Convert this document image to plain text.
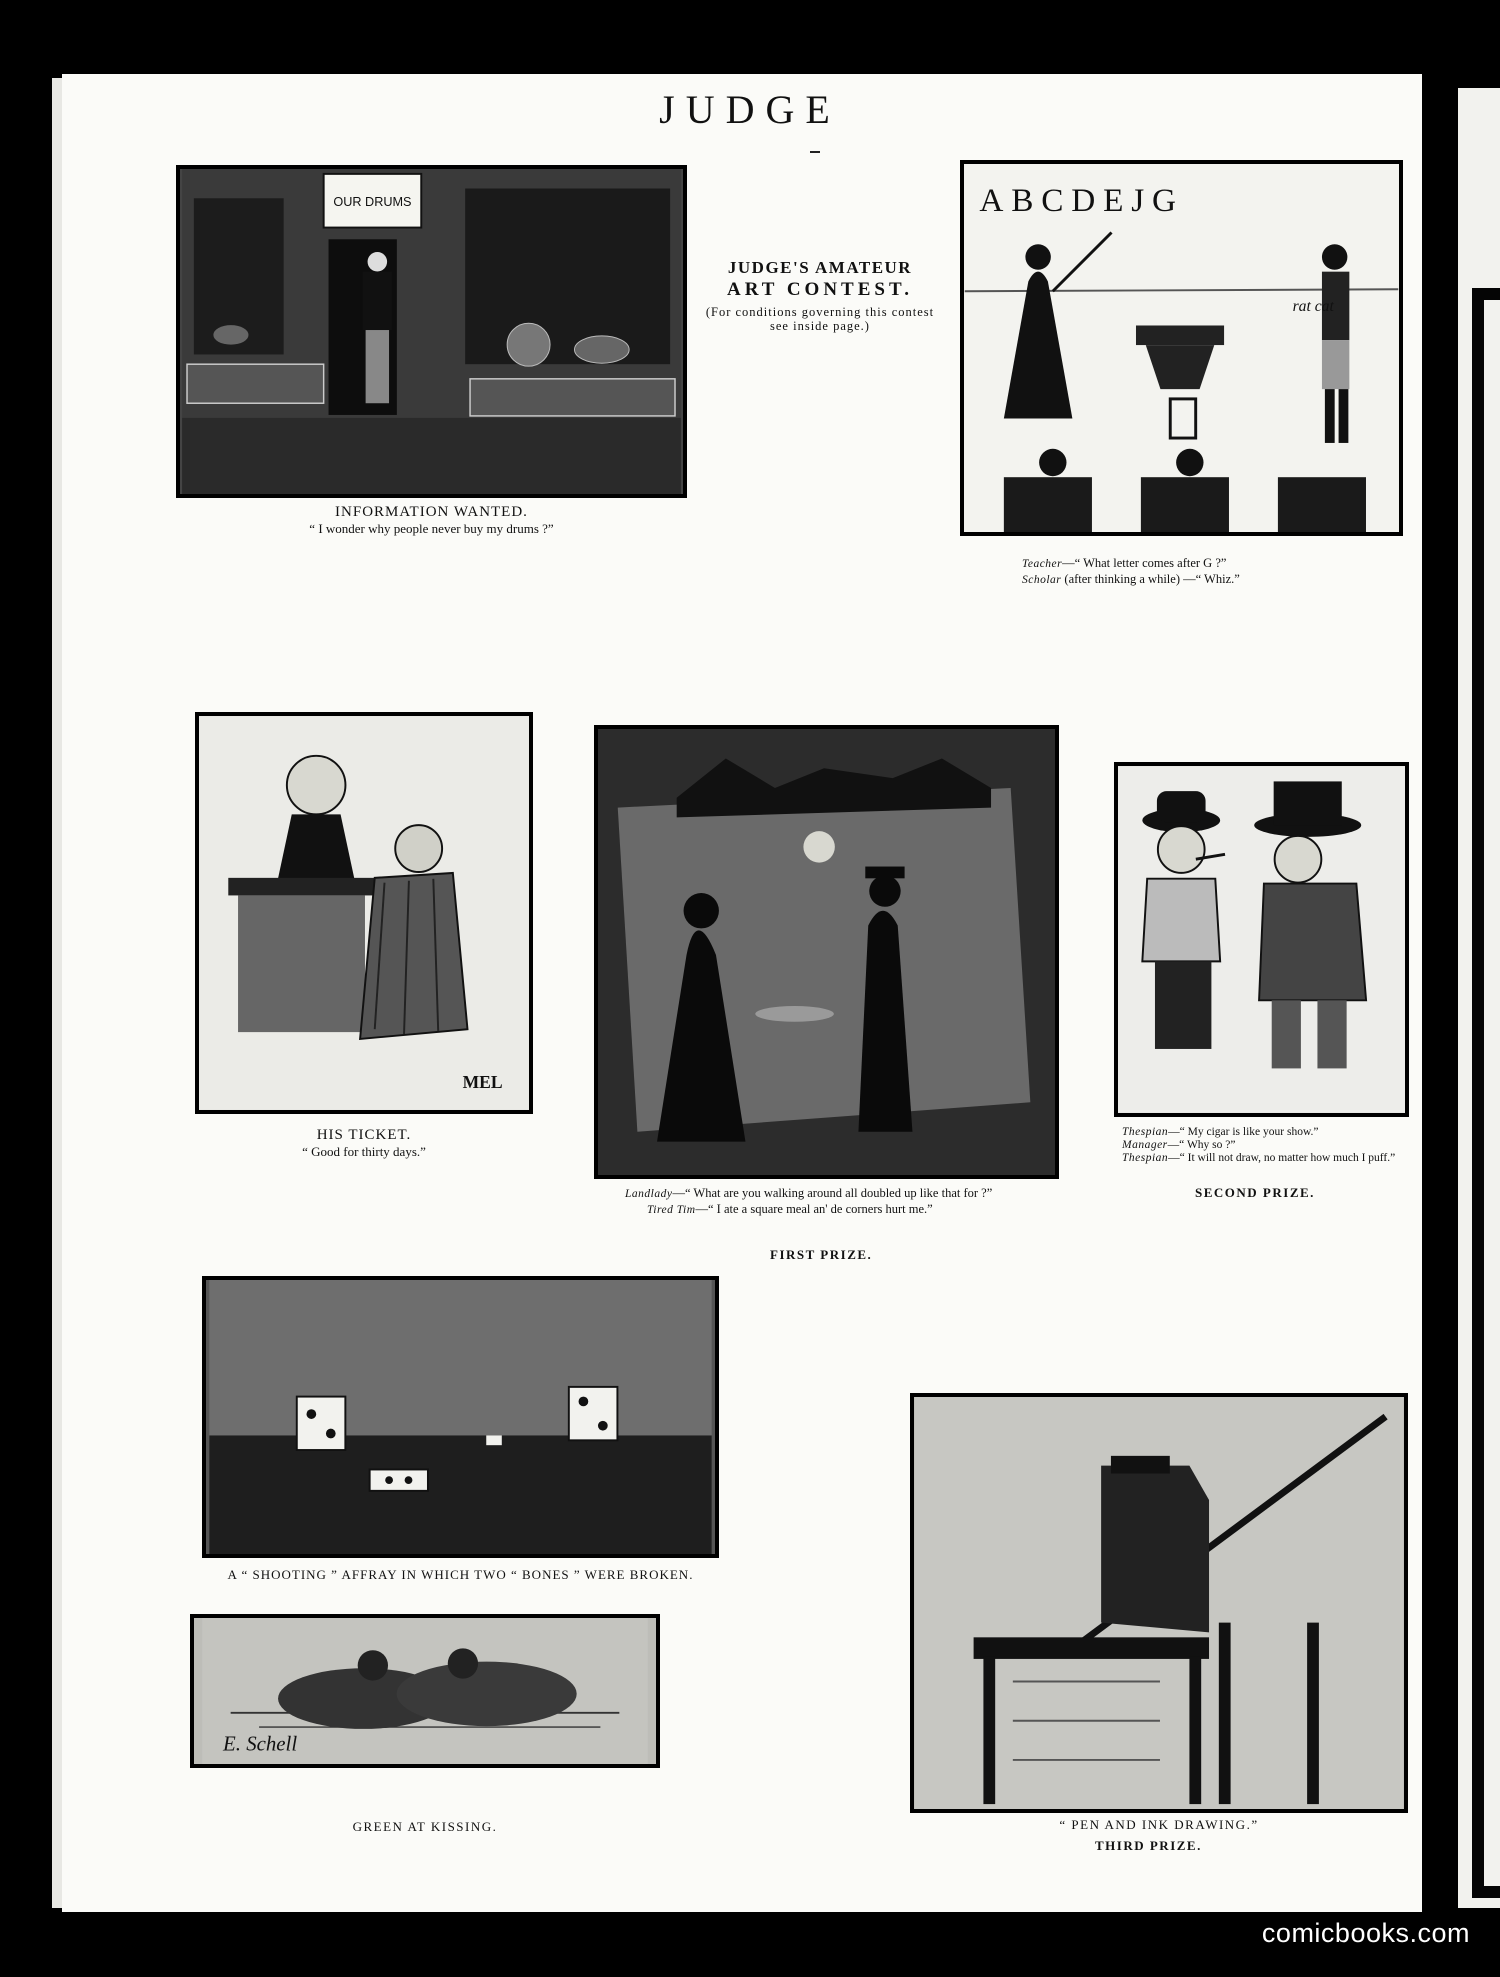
JUDGE
JUDGE'S AMATEUR
ART CONTEST.
(For conditions governing this contest see inside page.)
OUR DRUMS
INFORMATION WANTED.
“ I wonder why people never buy my drums ?”
ABCDEJG
rat cat
Teacher—“ What letter comes after G ?”
Scholar (after thinking a while) —“ Whiz.”
MEL
HIS TICKET.
“ Good for thirty days.”
Landlady—“ What are you walking around all doubled up like that for ?”
Tired Tim—“ I ate a square meal an' de corners hurt me.”
FIRST PRIZE.
Thespian—“ My cigar is like your show.”
Manager—“ Why so ?”
Thespian—“ It will not draw, no matter how much I puff.”
SECOND PRIZE.
A “ SHOOTING ” AFFRAY IN WHICH TWO “ BONES ” WERE BROKEN.
E. Schell
GREEN AT KISSING.	“ PEN AND INK DRAWING.”
THIRD PRIZE.
comicbooks.com
